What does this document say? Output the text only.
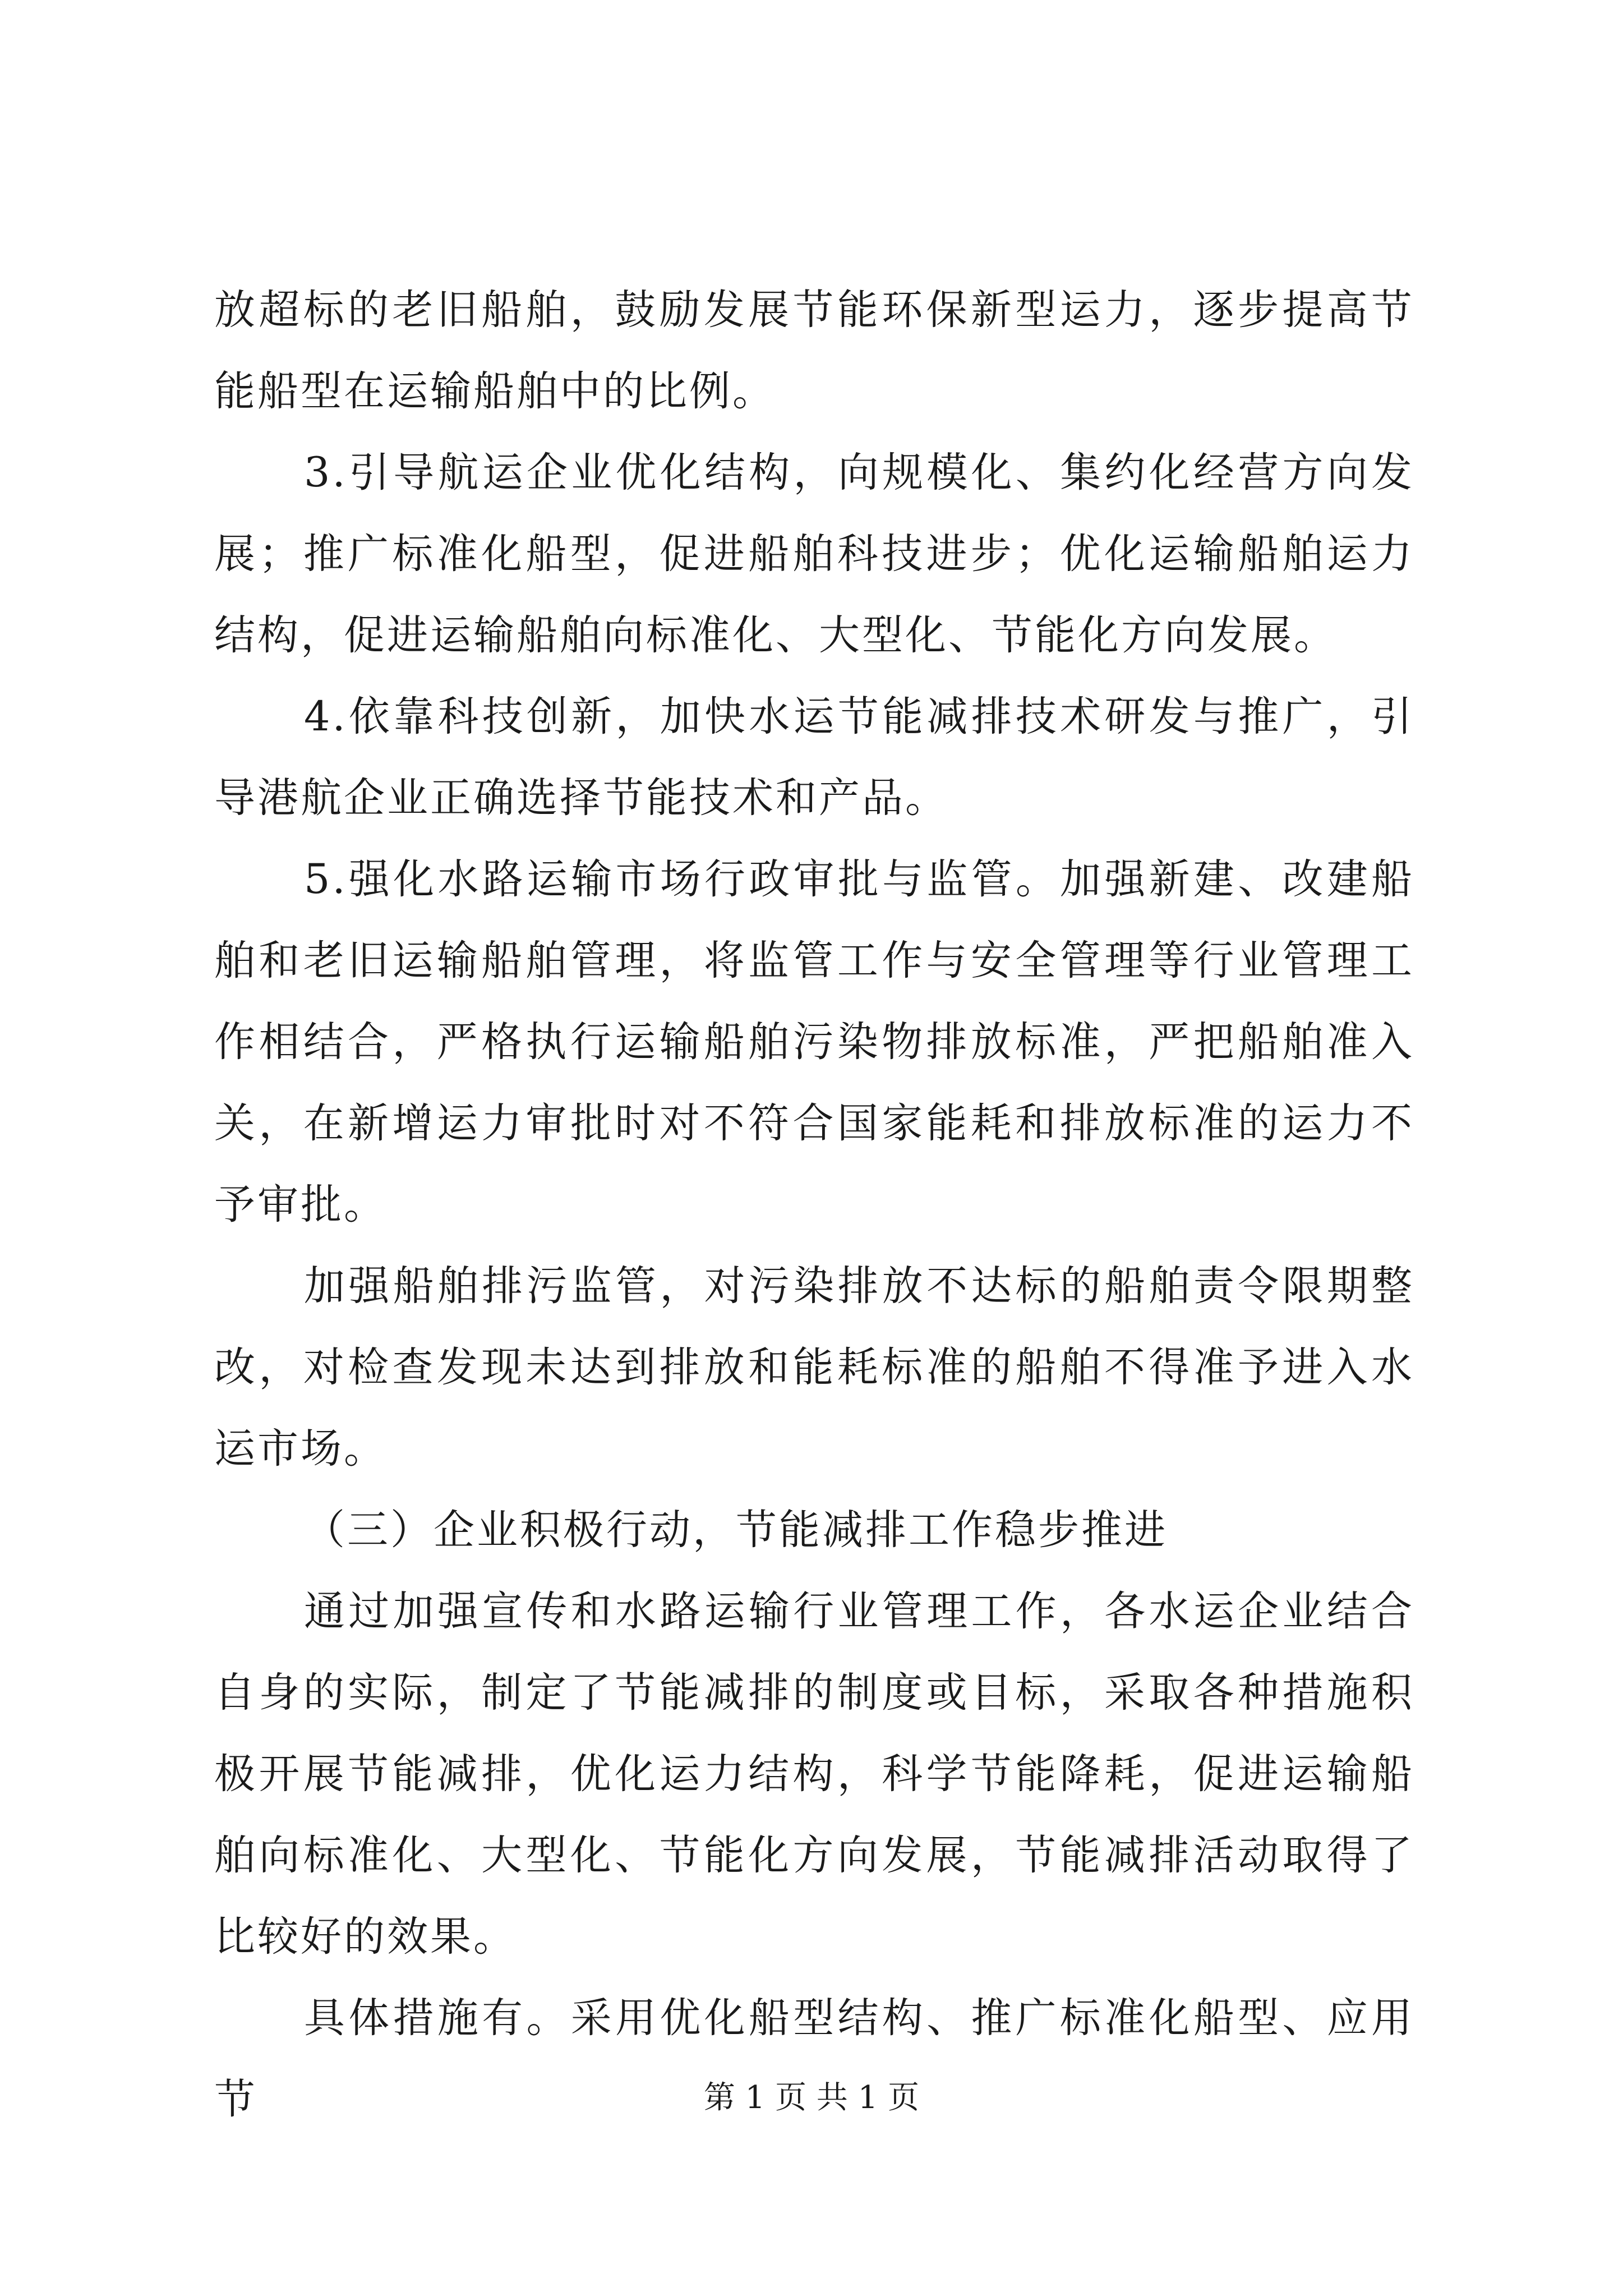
放超标的老旧船舶，鼓励发展节能环保新型运力，逐步提高节能船型在运输船舶中的比例。

3.引导航运企业优化结构，向规模化、集约化经营方向发展；推广标准化船型，促进船舶科技进步；优化运输船舶运力结构，促进运输船舶向标准化、大型化、节能化方向发展。

4.依靠科技创新，加快水运节能减排技术研发与推广，引导港航企业正确选择节能技术和产品。

5.强化水路运输市场行政审批与监管。加强新建、改建船舶和老旧运输船舶管理，将监管工作与安全管理等行业管理工作相结合，严格执行运输船舶污染物排放标准，严把船舶准入关，在新增运力审批时对不符合国家能耗和排放标准的运力不予审批。

加强船舶排污监管，对污染排放不达标的船舶责令限期整改，对检查发现未达到排放和能耗标准的船舶不得准予进入水运市场。

（三）企业积极行动，节能减排工作稳步推进

通过加强宣传和水路运输行业管理工作，各水运企业结合自身的实际，制定了节能减排的制度或目标，采取各种措施积极开展节能减排，优化运力结构，科学节能降耗，促进运输船舶向标准化、大型化、节能化方向发展，节能减排活动取得了比较好的效果。

具体措施有。采用优化船型结构、推广标准化船型、应用节	第 1 页 共 1 页
